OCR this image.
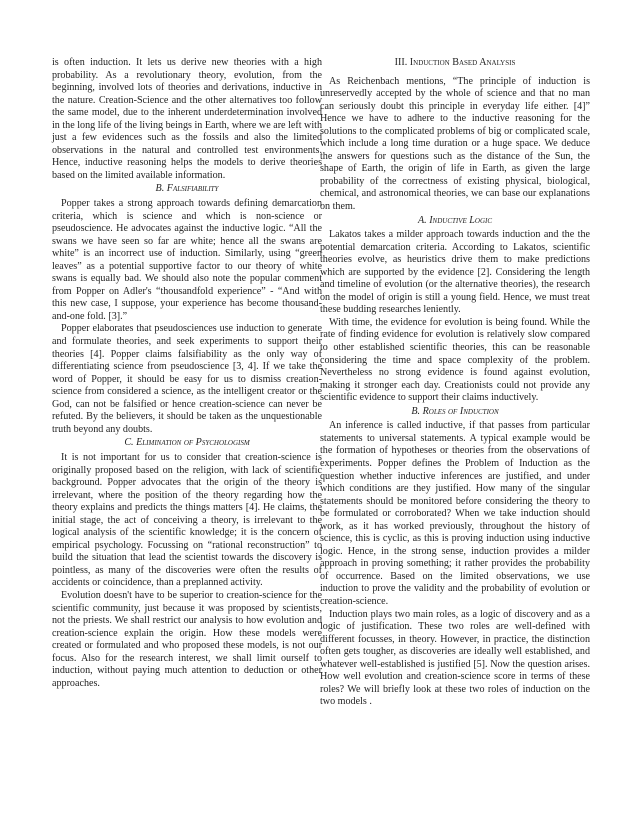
is often induction. It lets us derive new theories with a high probability. As a revolutionary theory, evolution, from the beginning, involved lots of theories and derivations, inductive in the nature. Creation-Science and the other alternatives too follow the same model, due to the inherent underdetermination involved in the long life of the living beings in Earth, where we are left with just a few evidences such as the fossils and also the limited observations in the natural and controlled test environments. Hence, inductive reasoning helps the models to derive theories based on the limited available information.

B. Falsifiability

Popper takes a strong approach towards defining demarcation criteria, which is science and which is non-science or pseudoscience. He advocates against the inductive logic. “All the swans we have seen so far are white; hence all the swans are white” is an incorrect use of induction. Similarly, using “green leaves” as a potential supportive factor to our theory of white swans is equally bad. We should also note the popular comment from Popper on Adler's “thousandfold experience” - “And with this new case, I suppose, your experience has become thousand-and-one fold. [3].”

Popper elaborates that pseudosciences use induction to generate and formulate theories, and seek experiments to support their theories [4]. Popper claims falsifiability as the only way of differentiating science from pseudoscience [3, 4]. If we take the word of Popper, it should be easy for us to dismiss creation-science from considered a science, as the intelligent creator or the God, can not be falsified or hence creation-science can never be refuted. By the believers, it should be taken as the unquestionable truth beyond any doubts.

C. Elimination of Psychologism

It is not important for us to consider that creation-science is originally proposed based on the religion, with lack of scientific background. Popper advocates that the origin of the theory is irrelevant, where the position of the theory regarding how the theory explains and predicts the things matters [4]. He claims, the initial stage, the act of conceiving a theory, is irrelevant to the logical analysis of the scientific knowledge; it is the concern of empirical psychology. Focussing on “rational reconstruction” to build the situation that lead the scientist towards the discovery is pointless, as many of the discoveries were often the results of accidents or coincidence, than a preplanned activity.

Evolution doesn't have to be superior to creation-science for the scientific community, just because it was proposed by scientists, not the priests. We shall restrict our analysis to how evolution and creation-science explain the origin. How these models were created or formulated and who proposed these models, is not our focus. Also for the research interest, we shall limit ourself to induction, without paying much attention to deduction or other approaches.

III. Induction Based Analysis

As Reichenbach mentions, “The principle of induction is unreservedly accepted by the whole of science and that no man can seriously doubt this principle in everyday life either. [4]” Hence we have to adhere to the inductive reasoning for the solutions to the complicated problems of big or complicated scale, which include a long time duration or a huge space. We deduce the answers for questions such as the distance of the Sun, the shape of Earth, the origin of life in Earth, as given the large probability of the correctness of existing physical, biological, chemical, and astronomical theories, we can base our explanations on them.

A. Inductive Logic

Lakatos takes a milder approach towards induction and the the potential demarcation criteria. According to Lakatos, scientific theories evolve, as heuristics drive them to make predictions which are supported by the evidence [2]. Considering the length and timeline of evolution (or the alternative theories), the research on the model of origin is still a young field. Hence, we must treat these budding researches leniently.

With time, the evidence for evolution is being found. While the rate of finding evidence for evolution is relatively slow compared to other established scientific theories, this can be reasonable considering the time and space complexity of the problem. Nevertheless no strong evidence is found against evolution, making it stronger each day. Creationists could not provide any scientific evidence to support their claims inductively.

B. Roles of Induction

An inference is called inductive, if that passes from particular statements to universal statements. A typical example would be the formation of hypotheses or theories from the observations of experiments. Popper defines the Problem of Induction as the question whether inductive inferences are justified, and under which conditions are they justified. How many of the singular statements should be monitored before considering the theory to be formulated or corroborated? When we take induction should work, as it has worked previously, throughout the history of science, this is cyclic, as this is proving induction using inductive logic. Hence, in the strong sense, induction provides a milder approach in proving something; it rather provides the probability of occurrence. Based on the limited observations, we use induction to prove the validity and the probability of evolution or creation-science.

Induction plays two main roles, as a logic of discovery and as a logic of justification. These two roles are well-defined with different focusses, in theory. However, in practice, the distinction often gets tougher, as discoveries are ideally well established, and whatever well-established is justified [5]. Now the question arises. How well evolution and creation-science score in terms of these roles? We will briefly look at these two roles of induction on the two models .
